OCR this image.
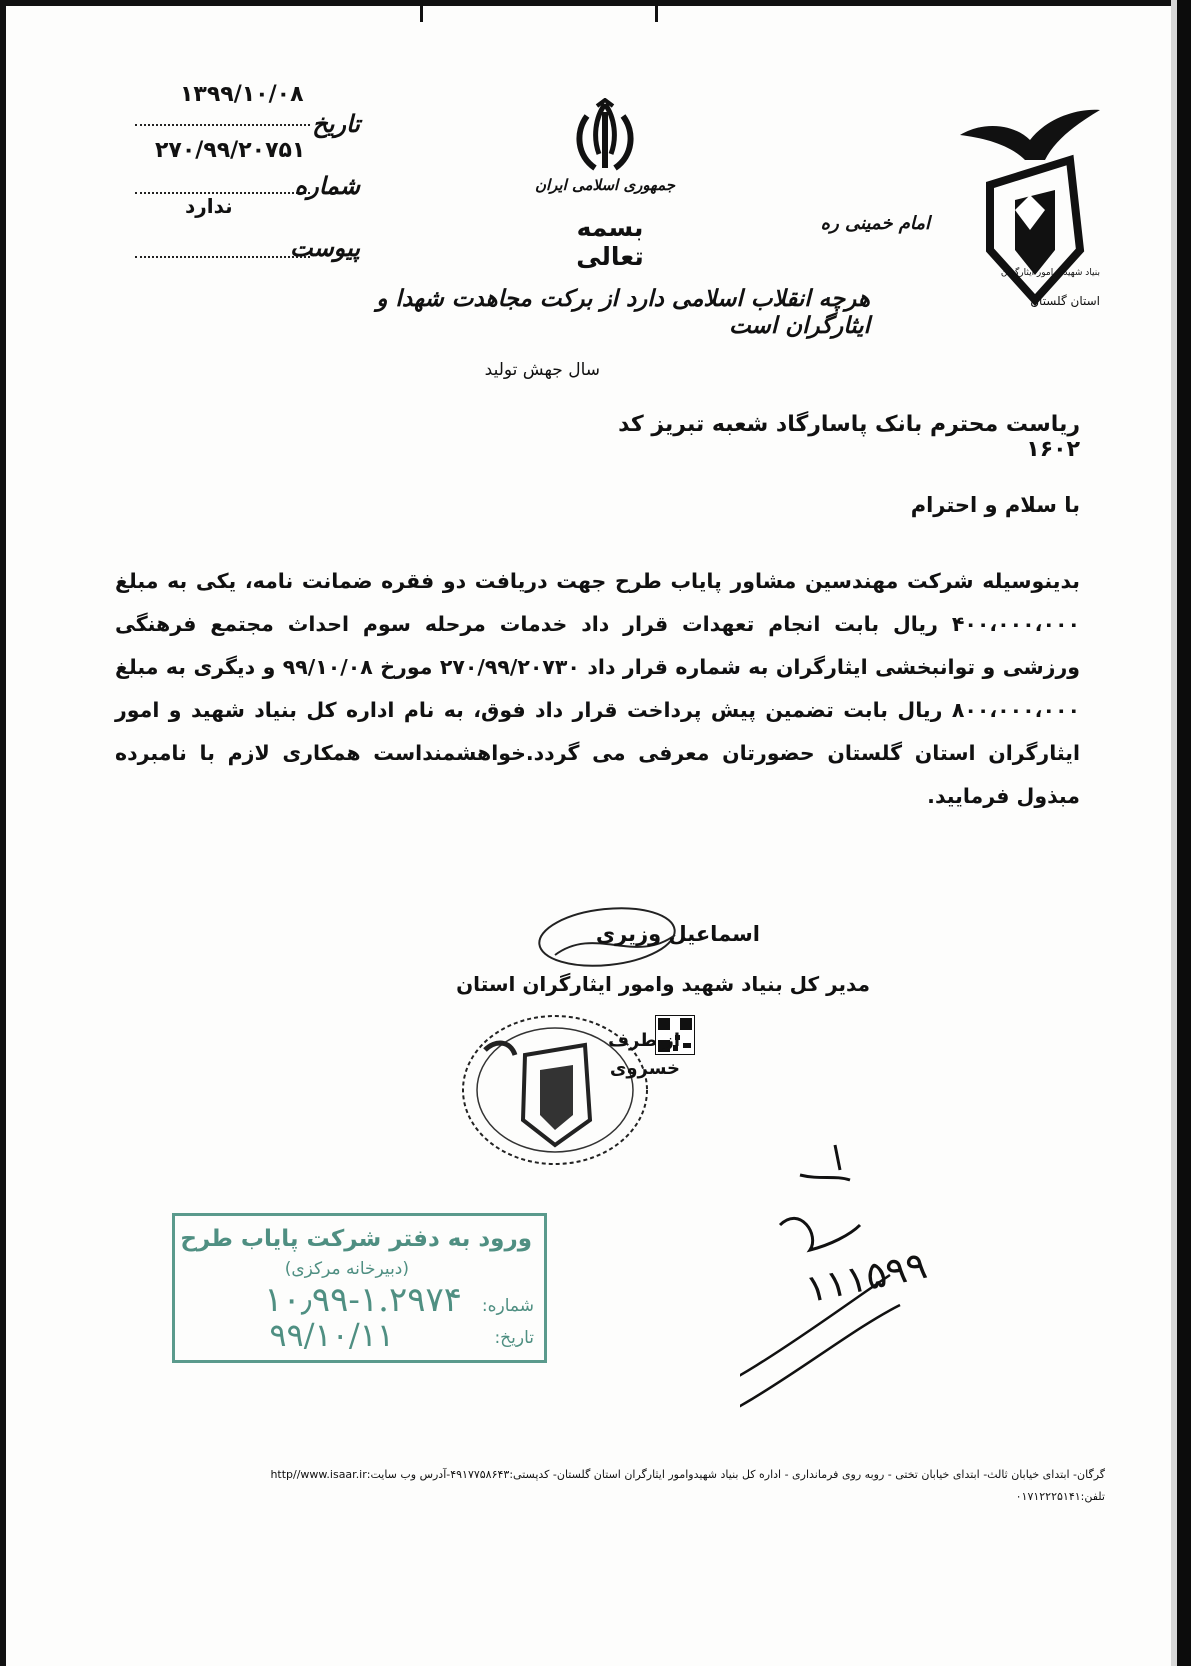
۱۳۹۹/۱۰/۰۸
تاریخ
۲۷۰/۹۹/۲۰۷۵۱
شماره
ندارد
پیوست
جمهوری اسلامی ایران
بسمه تعالی
امام خمینی ره
هرچه انقلاب اسلامی دارد از برکت مجاهدت شهدا و ایثارگران است
سال جهش تولید
بنیاد شهید و امور ایثارگران
استان گلستان
ریاست محترم بانک پاسارگاد شعبه تبریز کد ۱۶۰۲
با سلام و احترام
بدینوسیله شرکت مهندسین مشاور پایاب طرح جهت دریافت دو فقره ضمانت نامه، یکی به مبلغ ۴۰۰،۰۰۰،۰۰۰ ریال بابت انجام تعهدات قرار داد خدمات مرحله سوم احداث مجتمع فرهنگی ورزشی و توانبخشی ایثارگران به شماره قرار داد ۲۷۰/۹۹/۲۰۷۳۰ مورخ ۹۹/۱۰/۰۸ و دیگری به مبلغ ۸۰۰،۰۰۰،۰۰۰ ریال بابت تضمین پیش پرداخت قرار داد فوق، به نام اداره کل بنیاد شهید و امور ایثارگران استان گلستان حضورتان معرفی می گردد.خواهشمنداست همکاری لازم با نامبرده مبذول فرمایید.
اسماعیل وزیری
مدیر کل بنیاد شهید وامور ایثارگران استان
از طرف
خسروی
ورود به دفتر شرکت پایاب طرح
(دبیرخانه مرکزی)
شماره:
تاریخ:
۱۰٫۹۹-۱.۲۹۷۴
۹۹/۱۰/۱۱
۱۱۱۵۹۹
گرگان- ابتدای خیابان ثالث- ابتدای خیابان تختی - روبه روی فرمانداری - اداره کل بنیاد شهیدوامور ایثارگران استان گلستان- کدپستی:۴۹۱۷۷۵۸۶۴۳-آدرس وب سایت:http//www.isaar.ir
تلفن:۰۱۷۱۲۲۲۵۱۴۱
